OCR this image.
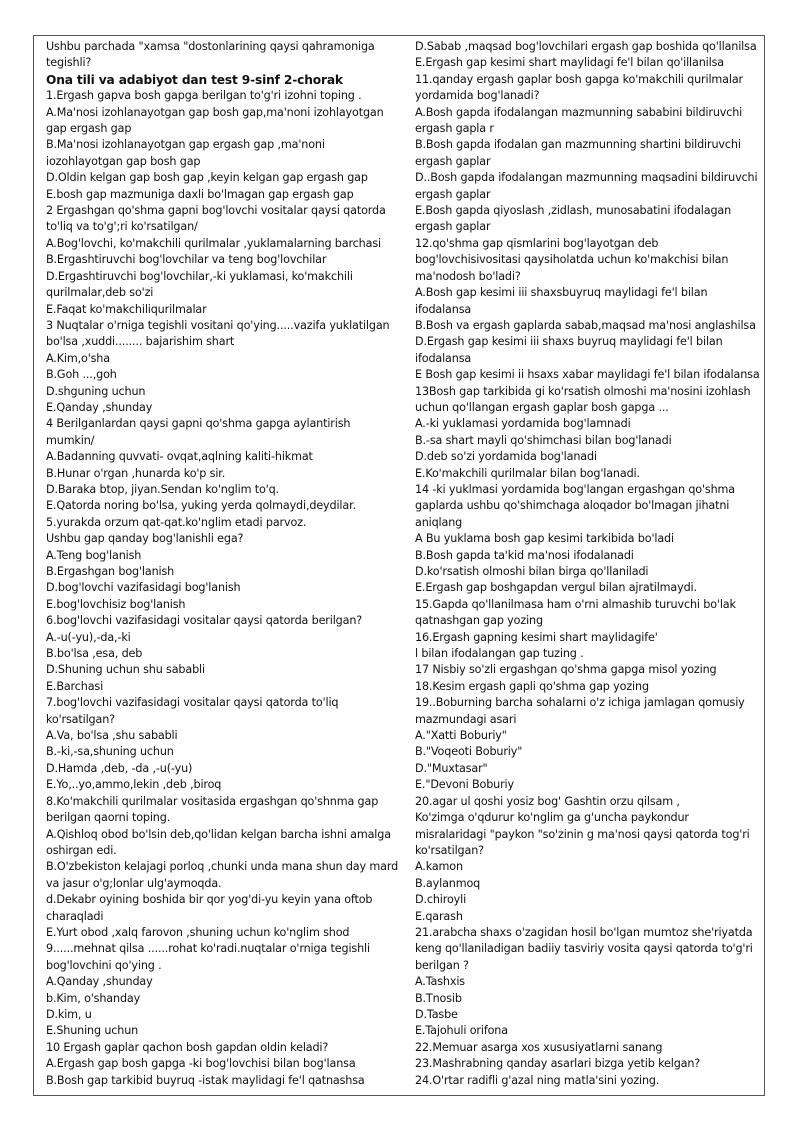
Ushbu parchada "xamsa "dostonlarining qaysi qahramoniga tegishli?
Ona tili va adabiyot dan test 9-sinf 2-chorak
1.Ergash gapva bosh gapga berilgan to'g'ri izohni toping .
A.Ma'nosi izohlanayotgan gap bosh gap,ma'noni izohlayotgan gap ergash gap
B.Ma'nosi izohlanayotgan gap ergash gap ,ma'noni iozohlayotgan gap bosh gap
D.Oldin kelgan gap bosh gap ,keyin kelgan gap ergash gap
E.bosh gap mazmuniga daxli bo'lmagan gap ergash gap
2 Ergashgan qo'shma gapni bog'lovchi vositalar qaysi qatorda to'liq va to'g';ri ko'rsatilgan/
A.Bog'lovchi, ko'makchili qurilmalar ,yuklamalarning barchasi
B.Ergashtiruvchi bog'lovchilar va teng bog'lovchilar
D.Ergashtiruvchi bog'lovchilar,-ki yuklamasi, ko'makchili qurilmalar,deb so'zi
E.Faqat ko'makchiliqurilmalar
3 Nuqtalar o'rniga tegishli vositani qo'ying.....vazifa yuklatilgan bo'lsa ,xuddi........ bajarishim shart
A.Kim,o'sha
B.Goh ...,goh
D.shguning uchun
E.Qanday ,shunday
4 Berilganlardan qaysi gapni qo'shma gapga aylantirish mumkin/
A.Badanning quvvati- ovqat,aqlning kaliti-hikmat
B.Hunar o'rgan ,hunarda ko'p sir.
D.Baraka btop, jiyan.Sendan ko'nglim to'q.
E.Qatorda noring bo'lsa, yuking yerda qolmaydi,deydilar.
5.yurakda orzum qat-qat.ko'nglim etadi parvoz.
Ushbu gap qanday bog'lanishli ega?
A.Teng bog'lanish
B.Ergashgan bog'lanish
D.bog'lovchi vazifasidagi bog'lanish
E.bog'lovchisiz bog'lanish
6.bog'lovchi vazifasidagi vositalar qaysi qatorda berilgan?
A.-u(-yu),-da,-ki
B.bo'lsa ,esa, deb
D.Shuning uchun shu sababli
E.Barchasi
7.bog'lovchi vazifasidagi vositalar qaysi qatorda to'liq ko'rsatilgan?
A.Va, bo'lsa ,shu sababli
B.-ki,-sa,shuning uchun
D.Hamda ,deb, -da ,-u(-yu)
E.Yo,..yo,ammo,lekin ,deb ,biroq
8.Ko'makchili qurilmalar vositasida ergashgan qo'shnma gap berilgan qaorni toping.
A.Qishloq obod bo'lsin deb,qo'lidan kelgan barcha ishni amalga oshirgan edi.
B.O'zbekiston kelajagi porloq ,chunki unda mana shun day mard va jasur o'g;lonlar ulg'aymoqda.
d.Dekabr oyining boshida bir qor yog'di-yu keyin yana oftob charaqladi
E.Yurt obod ,xalq farovon ,shuning uchun ko'nglim shod
9......mehnat qilsa ......rohat ko'radi.nuqtalar o'rniga tegishli bog'lovchini qo'ying .
A.Qanday ,shunday
b.Kim, o'shanday
D.kim, u
E.Shuning uchun
10 Ergash gaplar qachon bosh gapdan oldin keladi?
A.Ergash gap bosh gapga -ki bog'lovchisi bilan bog'lansa
B.Bosh gap tarkibid buyruq -istak maylidagi fe'l qatnashsa
D.Sabab ,maqsad bog'lovchilari ergash gap boshida qo'llanilsa
E.Ergash gap kesimi shart maylidagi fe'l bilan qo'illanilsa
11.qanday ergash gaplar bosh gapga ko'makchili qurilmalar yordamida bog'lanadi?
A.Bosh gapda ifodalangan mazmunning sababini bildiruvchi ergash gapla r
B.Bosh gapda ifodalan gan mazmunning shartini bildiruvchi ergash gaplar
D..Bosh gapda ifodalangan mazmunning maqsadini bildiruvchi ergash gaplar
E.Bosh gapda qiyoslash ,zidlash, munosabatini ifodalagan ergash gaplar
12.qo'shma gap qismlarini bog'layotgan deb bog'lovchisivositasi qaysiholatda uchun ko'makchisi bilan ma'nodosh bo'ladi?
A.Bosh gap kesimi iii shaxsbuyruq maylidagi fe'l bilan ifodalansa
B.Bosh va ergash gaplarda sabab,maqsad ma'nosi anglashilsa
D.Ergash gap kesimi iii shaxs buyruq maylidagi fe'l bilan ifodalansa
E Bosh gap kesimi ii hsaxs xabar maylidagi fe'l bilan ifodalansa
13Bosh gap tarkibida gi ko'rsatish olmoshi ma'nosini izohlash uchun qo'llangan ergash gaplar bosh gapga ...
A.-ki yuklamasi yordamida bog'lamnadi
B.-sa shart mayli qo'shimchasi bilan bog'lanadi
D.deb so'zi yordamida bog'lanadi
E.Ko'makchili qurilmalar bilan bog'lanadi.
14 -ki yuklmasi yordamida bog'langan ergashgan qo'shma gaplarda ushbu qo'shimchaga aloqador bo'lmagan jihatni aniqlang
A Bu yuklama bosh gap kesimi tarkibida bo'ladi
B.Bosh gapda ta'kid ma'nosi ifodalanadi
D.ko'rsatish olmoshi bilan birga qo'llaniladi
E.Ergash gap boshgapdan vergul bilan ajratilmaydi.
15.Gapda qo'llanilmasa ham o'rni almashib turuvchi bo'lak qatnashgan gap yozing
16.Ergash gapning kesimi shart maylidagife'
l bilan ifodalangan gap tuzing .
17 Nisbiy so'zli ergashgan qo'shma gapga misol yozing
18.Kesim ergash gapli qo'shma gap yozing
19..Boburning barcha sohalarni o'z ichiga jamlagan qomusiy mazmundagi asari
A."Xatti Boburiy"
B."Voqeoti Boburiy"
D."Muxtasar"
E."Devoni Boburiy
20.agar ul qoshi yosiz bog' Gashtin orzu qilsam ,
Ko'zimga o'qdurur ko'nglim ga g'uncha paykondur misralaridagi "paykon "so'zinin g ma'nosi qaysi qatorda tog'ri ko'rsatilgan?
A.kamon
B.aylanmoq
D.chiroyli
E.qarash
21.arabcha shaxs o'zagidan hosil bo'lgan mumtoz she'riyatda keng qo'llaniladigan badiiy tasviriy vosita qaysi qatorda to'g'ri berilgan ?
A.Tashxis
B.Tnosib
D.Tasbe
E.Tajohuli orifona
22.Memuar asarga xos xususiyatlarni sanang
23.Mashrabning qanday asarlari bizga yetib kelgan?
24.O'rtar radifli g'azal ning matla'sini yozing.
